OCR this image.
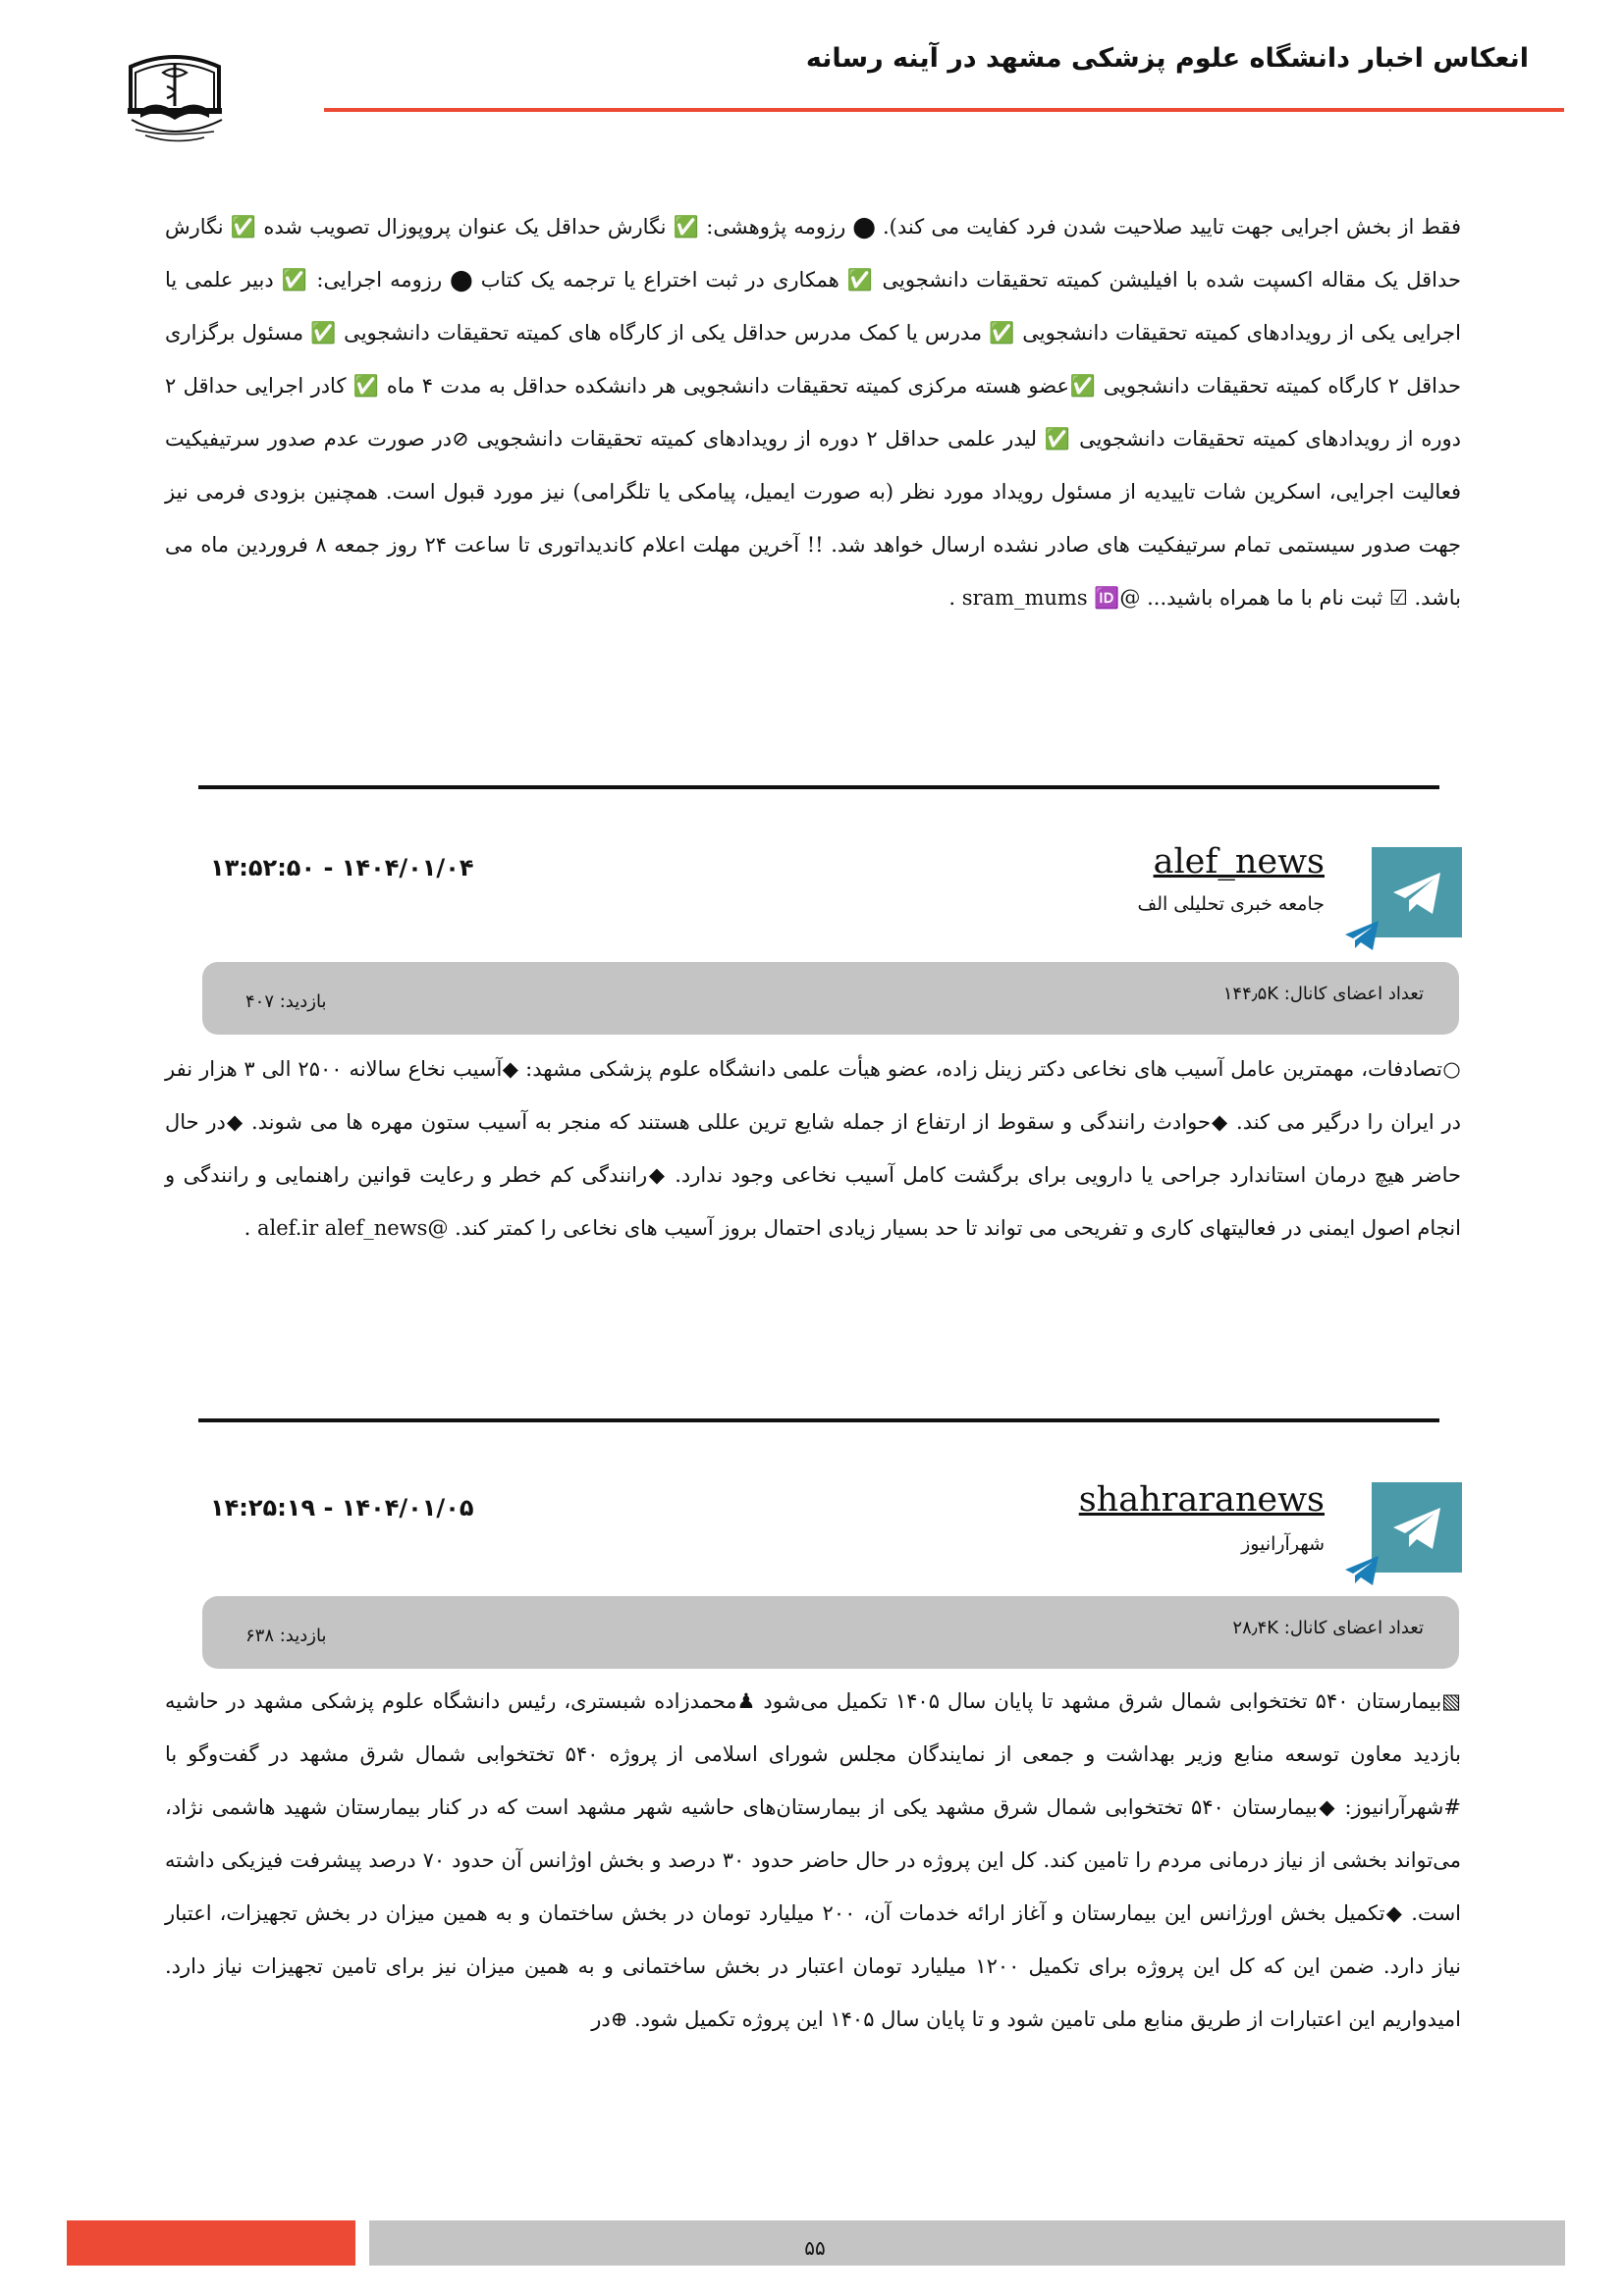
انعکاس اخبار دانشگاه علوم پزشکی مشهد در آینه رسانه
فقط از بخش اجرایی جهت تایید صلاحیت شدن فرد کفایت می کند). ⬤ رزومه پژوهشی: ✅ نگارش حداقل یک عنوان پروپوزال تصویب شده ✅ نگارش حداقل یک مقاله اکسپت شده با افیلیشن کمیته تحقیقات دانشجویی ✅ همکاری در ثبت اختراع یا ترجمه یک کتاب ⬤ رزومه اجرایی: ✅ دبیر علمی یا اجرایی یکی از رویدادهای کمیته تحقیقات دانشجویی ✅ مدرس یا کمک مدرس حداقل یکی از کارگاه های کمیته تحقیقات دانشجویی ✅ مسئول برگزاری حداقل ۲ کارگاه کمیته تحقیقات دانشجویی ✅عضو هسته مرکزی کمیته تحقیقات دانشجویی هر دانشکده حداقل به مدت ۴ ماه ✅ کادر اجرایی حداقل ۲ دوره از رویدادهای کمیته تحقیقات دانشجویی ✅ لیدر علمی حداقل ۲ دوره از رویدادهای کمیته تحقیقات دانشجویی ⊘در صورت عدم صدور سرتیفیکیت فعالیت اجرایی، اسکرین شات تاییدیه از مسئول رویداد مورد نظر (به صورت ایمیل، پیامکی یا تلگرامی) نیز مورد قبول است. همچنین بزودی فرمی نیز جهت صدور سیستمی تمام سرتیفکیت های صادر نشده ارسال خواهد شد. !! آخرین مهلت اعلام کاندیداتوری تا ساعت ۲۴ روز جمعه ۸ فروردین ماه می باشد. ☑ ثبت نام با ما همراه باشید... @sram_mums 🆔 .
alef_news
جامعه خبری تحلیلی الف
۱۴۰۴/۰۱/۰۴ - ۱۳:۵۲:۵۰
تعداد اعضای کانال: ۱۴۴٫۵K
بازدید: ۴۰۷
○تصادفات، مهمترین عامل آسیب های نخاعی دکتر زینل زاده، عضو هیأت علمی دانشگاه علوم پزشکی مشهد: ◆آسیب نخاع سالانه ۲۵۰۰ الی ۳ هزار نفر در ایران را درگیر می کند. ◆حوادث رانندگی و سقوط از ارتفاع از جمله شایع ترین عللی هستند که منجر به آسیب ستون مهره ها می شوند. ◆در حال حاضر هیچ درمان استاندارد جراحی یا دارویی برای برگشت کامل آسیب نخاعی وجود ندارد. ◆رانندگی کم خطر و رعایت قوانین راهنمایی و رانندگی و انجام اصول ایمنی در فعالیتهای کاری و تفریحی می تواند تا حد بسیار زیادی احتمال بروز آسیب های نخاعی را کمتر کند. @alef.ir alef_news .
shahraranews
شهرآرانیوز
۱۴۰۴/۰۱/۰۵ - ۱۴:۲۵:۱۹
تعداد اعضای کانال: ۲۸٫۴K
بازدید: ۶۳۸
▧بیمارستان ۵۴۰ تختخوابی شمال شرق مشهد تا پایان سال ۱۴۰۵ تکمیل می‌شود ♟محمدزاده شبستری، رئیس دانشگاه علوم پزشکی مشهد در حاشیه بازدید معاون توسعه منابع وزیر بهداشت و جمعی از نمایندگان مجلس شورای اسلامی از پروژه ۵۴۰ تختخوابی شمال شرق مشهد در گفت‌وگو با #شهرآرانیوز: ◆بیمارستان ۵۴۰ تختخوابی شمال شرق مشهد یکی از بیمارستان‌های حاشیه شهر مشهد است که در کنار بیمارستان شهید هاشمی نژاد، می‌تواند بخشی از نیاز درمانی مردم را تامین کند. کل این پروژه در حال حاضر حدود ۳۰ درصد و بخش اوژانس آن حدود ۷۰ درصد پیشرفت فیزیکی داشته است. ◆تکمیل بخش اورژانس این بیمارستان و آغاز ارائه خدمات آن، ۲۰۰ میلیارد تومان در بخش ساختمان و به همین میزان در بخش تجهیزات، اعتبار نیاز دارد. ضمن این که کل این پروژه برای تکمیل ۱۲۰۰ میلیارد تومان اعتبار در بخش ساختمانی و به همین میزان نیز برای تامین تجهیزات نیاز دارد. امیدواریم این اعتبارات از طریق منابع ملی تامین شود و تا پایان سال ۱۴۰۵ این پروژه تکمیل شود. ⊕در
۵۵
